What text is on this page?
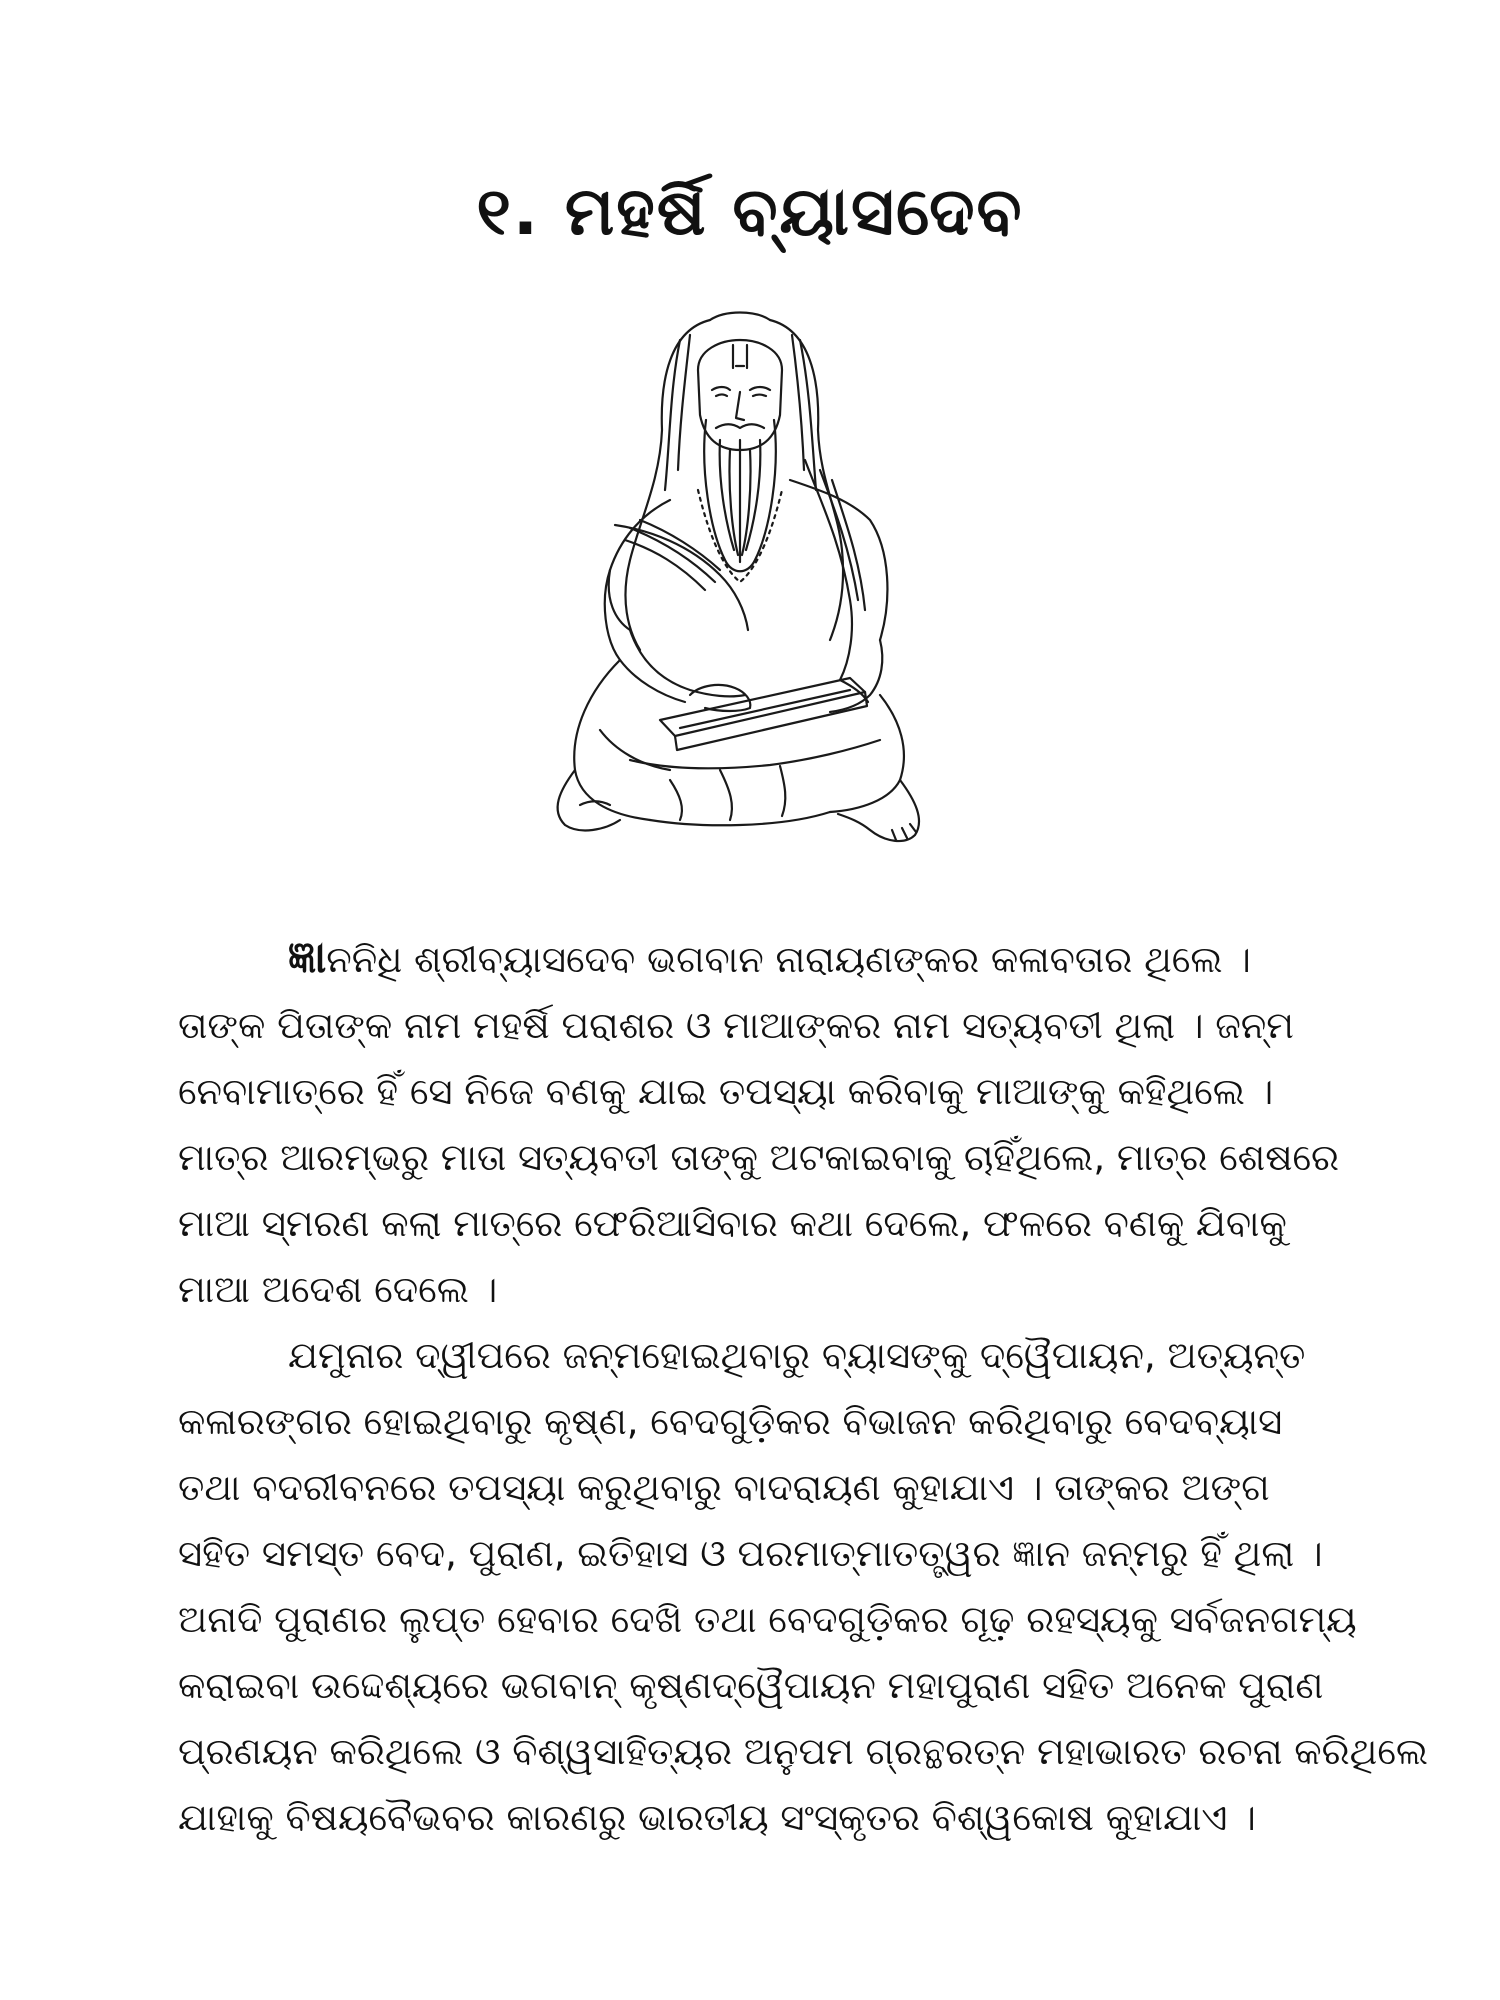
୧. ମହର୍ଷି ବ୍ୟାସଦେବ
ଜ୍ଞାନନିଧି ଶ୍ରୀବ୍ୟାସଦେବ ଭଗବାନ ନାରାୟଣଙ୍କର କଳାବତାର ଥିଲେ ।
ତାଙ୍କ ପିତାଙ୍କ ନାମ ମହର୍ଷି ପରାଶର ଓ ମାଆଙ୍କର ନାମ ସତ୍ୟବତୀ ଥିଲା । ଜନ୍ମ
ନେବାମାତ୍ରେ ହିଁ ସେ ନିଜେ ବଣକୁ ଯାଇ ତପସ୍ୟା କରିବାକୁ ମାଆଙ୍କୁ କହିଥିଲେ ।
ମାତ୍ର ଆରମ୍ଭରୁ ମାତା ସତ୍ୟବତୀ ତାଙ୍କୁ ଅଟକାଇବାକୁ ଚାହିଁଥିଲେ, ମାତ୍ର ଶେଷରେ
ମାଆ ସ୍ମରଣ କଲା ମାତ୍ରେ ଫେରିଆସିବାର କଥା ଦେଲେ, ଫଳରେ ବଣକୁ ଯିବାକୁ
ମାଆ ଅଦେଶ ଦେଲେ ।
ଯମୁନାର ଦ୍ୱୀପରେ ଜନ୍ମହୋଇଥିବାରୁ ବ୍ୟାସଙ୍କୁ ଦ୍ୱୈପାୟନ, ଅତ୍ୟନ୍ତ
କଳାରଙ୍ଗର ହୋଇଥିବାରୁ କୃଷ୍ଣ, ବେଦଗୁଡ଼ିକର ବିଭାଜନ କରିଥିବାରୁ ବେଦବ୍ୟାସ
ତଥା ବଦରୀବନରେ ତପସ୍ୟା କରୁଥିବାରୁ ବାଦରାୟଣ କୁହାଯାଏ । ତାଙ୍କର ଅଙ୍ଗ
ସହିତ ସମସ୍ତ ବେଦ, ପୁରାଣ, ଇତିହାସ ଓ ପରମାତ୍ମାତତ୍ତ୍ୱର ଜ୍ଞାନ ଜନ୍ମରୁ ହିଁ ଥିଲା ।
ଅନାଦି ପୁରାଣର ଲୁପ୍ତ ହେବାର ଦେଖି ତଥା ବେଦଗୁଡ଼ିକର ଗୂଢ଼ ରହସ୍ୟକୁ ସର୍ବଜନଗମ୍ୟ
କରାଇବା ଉଦ୍ଦେଶ୍ୟରେ ଭଗବାନ୍ କୃଷ୍ଣଦ୍ୱୈପାୟନ ମହାପୁରାଣ ସହିତ ଅନେକ ପୁରାଣ
ପ୍ରଣୟନ କରିଥିଲେ ଓ ବିଶ୍ୱସାହିତ୍ୟର ଅନୁପମ ଗ୍ରନ୍ଥରତ୍ନ ମହାଭାରତ ରଚନା କରିଥିଲେ
ଯାହାକୁ ବିଷୟବୈଭବର କାରଣରୁ ଭାରତୀୟ ସଂସ୍କୃତର ବିଶ୍ୱକୋଷ କୁହାଯାଏ ।
